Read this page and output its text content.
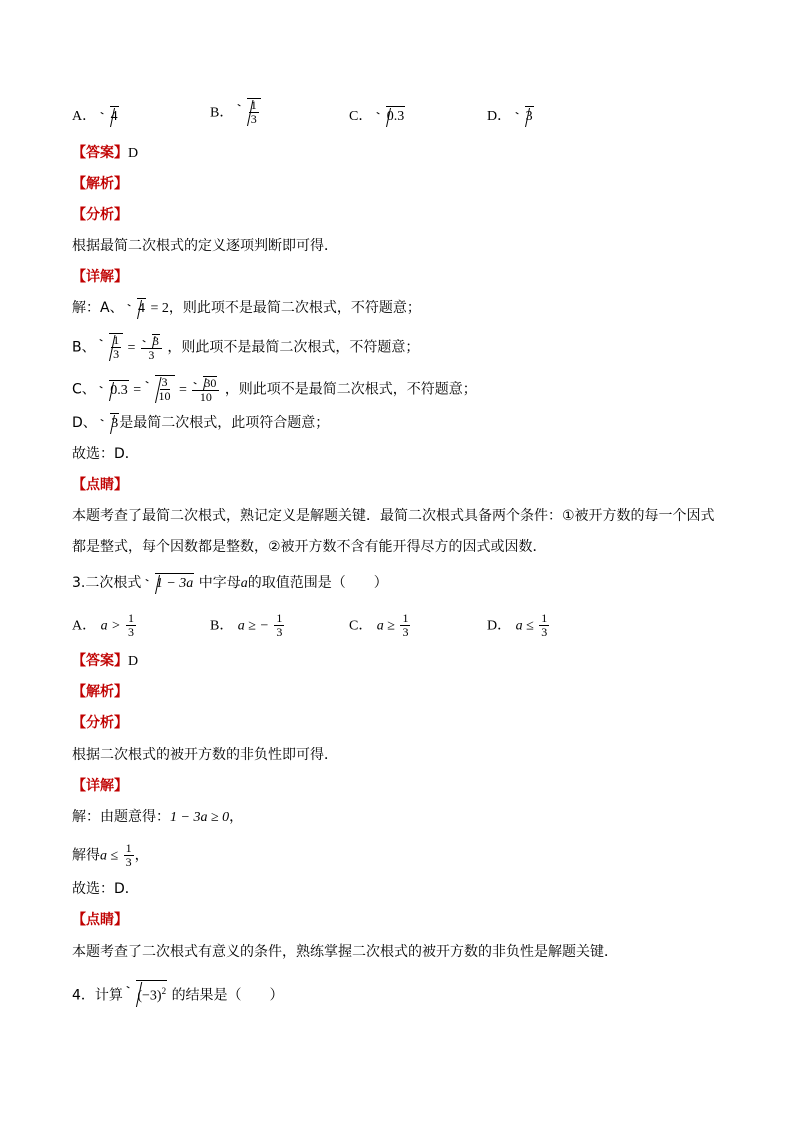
A． 4	B． $\frac{1}{3}$	C． 0.3	D． 3
【答案】D
【解析】
【分析】
根据最简二次根式的定义逐项判断即可得．
【详解】
解：A、 4 = 2，则此项不是最简二次根式，不符题意；
B、 $\frac{1}{3} = \frac{3}{3}$ ，则此项不是最简二次根式，不符题意；
C、 $0.3 = \frac{3}{10} = \frac{30}{10}$ ，则此项不是最简二次根式，不符题意；
D、 3是最简二次根式，此项符合题意；
故选：D．
【点睛】
本题考查了最简二次根式，熟记定义是解题关键．最简二次根式具备两个条件：①被开方数的每一个因式
都是整式，每个因数都是整数，②被开方数不含有能开得尽方的因式或因数．
3.二次根式 1 − 3a 中字母a的取值范围是（　　）
A． $a > \frac{1}{3}$	B． a ≥ − $\frac{1}{3}$	C． $a \ge \frac{1}{3}$	D． $a \le \frac{1}{3}$
【答案】D
【解析】
【分析】
根据二次根式的被开方数的非负性即可得．
【详解】
解：由题意得：1 − 3a ≥ 0，
解得$a \le \frac{1}{3}$ ，
故选：D．
【点睛】
本题考查了二次根式有意义的条件，熟练掌握二次根式的被开方数的非负性是解题关键．
4．计算 $(-3)^2$ 的结果是（　　）
